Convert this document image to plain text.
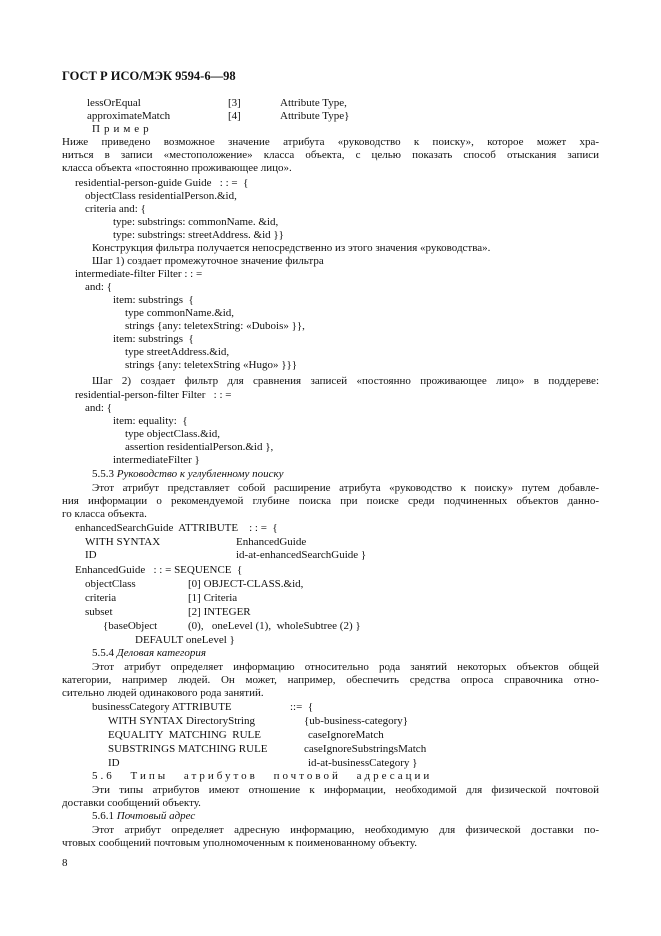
ГОСТ Р ИСО/МЭК 9594-6—98
lessOrEqual	[3]	Attribute Type,
approximateMatch	[4]	Attribute Type}
Пример
Ниже приведено возможное значение атрибута «руководство к поиску», которое может хра-
ниться в записи «местоположение» класса объекта, с целью показать способ отыскания записи
класса объекта «постоянно проживающее лицо».
residential-person-guide Guide   : : =  {
objectClass residentialPerson.&id,
criteria and: {
type: substrings: commonName. &id,
type: substrings: streetAddress. &id }}
Конструкция фильтра получается непосредственно из этого значения «руководства».
Шаг 1) создает промежуточное значение фильтра
intermediate-filter Filter : : =
and: {
item: substrings  {
type commonName.&id,
strings {any: teletexString: «Dubois» }},
item: substrings  {
type streetAddress.&id,
strings {any: teletexString «Hugo» }}}
Шаг 2) создает фильтр для сравнения записей «постоянно проживающее лицо» в поддереве:
residential-person-filter Filter   : : =
and: {
item: equality:  {
type objectClass.&id,
assertion residentialPerson.&id },
intermediateFilter }
5.5.3 Руководство к углубленному поиску
Этот атрибут представляет собой расширение атрибута «руководство к поиску» путем добавле-
ния информации о рекомендуемой глубине поиска при поиске среди подчиненных объектов данно-
го класса объекта.
enhancedSearchGuide  ATTRIBUTE    : : =  {
WITH SYNTAX	EnhancedGuide
ID	id-at-enhancedSearchGuide }
EnhancedGuide   : : = SEQUENCE  {
objectClass	[0] OBJECT-CLASS.&id,
criteria	[1] Criteria
subset	[2] INTEGER
{baseObject	(0),   oneLevel (1),  wholeSubtree (2) }
DEFAULT oneLevel }
5.5.4 Деловая категория
Этот атрибут определяет информацию относительно рода занятий некоторых объектов общей
категории, например людей. Он может, например, обеспечить средства опроса справочника отно-
сительно людей одинакового рода занятий.
businessCategory ATTRIBUTE	::=  {
WITH SYNTAX DirectoryString	{ub-business-category}
EQUALITY  MATCHING  RULE	caseIgnoreMatch
SUBSTRINGS MATCHING RULE	caseIgnoreSubstringsMatch
ID	id-at-businessCategory }
5.6 Типы атрибутов почтовой адресации
Эти типы атрибутов имеют отношение к информации, необходимой для физической почтовой
доставки сообщений объекту.
5.6.1 Почтовый адрес
Этот атрибут определяет адресную информацию, необходимую для физической доставки по-
чтовых сообщений почтовым уполномоченным к поименованному объекту.
8
